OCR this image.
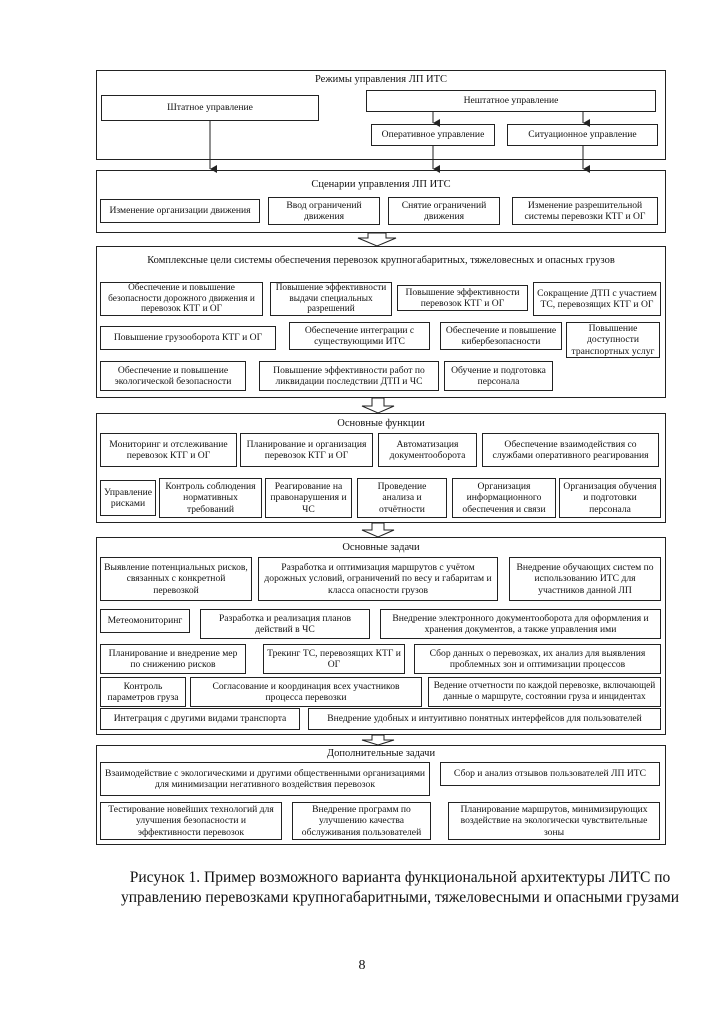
Режимы управления ЛП ИТС
Штатное управление
Нештатное управление
Оперативное управление	Ситуационное управление
Сценарии управления ЛП ИТС
Изменение организации движения
Ввод ограничений движения
Снятие ограничений движения
Изменение разрешительной системы перевозки КТГ и ОГ
Комплексные цели системы обеспечения перевозок крупногабаритных, тяжеловесных и опасных грузов
Обеспечение и повышение безопасности дорожного движения и перевозок КТГ и ОГ
Повышение эффективности выдачи специальных разрешений
Повышение эффективности перевозок КТГ и ОГ
Сокращение ДТП с участием ТС, перевозящих КТГ и ОГ
Повышение грузооборота КТГ и ОГ
Обеспечение интеграции с существующими ИТС
Обеспечение и повышение кибербезопасности
Повышение доступности транспортных услуг
Обеспечение и повышение экологической безопасности
Повышение эффективности работ по ликвидации последствии ДТП и ЧС
Обучение и подготовка персонала
Основные функции
Мониторинг и отслеживание перевозок КТГ и ОГ
Планирование и организация перевозок КТГ и ОГ
Автоматизация документооборота
Обеспечение взаимодействия со службами оперативного реагирования
Управление рисками
Контроль соблюдения нормативных требований
Реагирование на правонарушения и ЧС
Проведение анализа и отчётности
Организация информационного обеспечения и связи
Организация обучения и подготовки персонала
Основные задачи
Выявление потенциальных рисков, связанных с конкретной перевозкой
Разработка и оптимизация маршрутов с учётом дорожных условий, ограничений по весу и габаритам и класса опасности грузов
Внедрение обучающих систем по использованию ИТС для участников данной ЛП
Метеомониторинг	Разработка и реализация планов действий в ЧС
Внедрение электронного документооборота для оформления и хранения документов, а также управления ими
Планирование и внедрение мер по снижению рисков
Трекинг ТС, перевозящих КТГ и ОГ
Сбор данных о перевозках, их анализ для выявления проблемных зон и оптимизации процессов
Контроль параметров груза
Согласование и координация всех участников процесса перевозки
Ведение отчетности по каждой перевозке, включающей данные о маршруте, состоянии груза и инцидентах
Интеграция с другими видами транспорта	Внедрение удобных и интуитивно понятных интерфейсов для пользователей
Дополнительные задачи
Взаимодействие с экологическими и другими общественными организациями для минимизации негативного воздействия перевозок
Сбор и анализ отзывов пользователей ЛП ИТС
Тестирование новейших технологий для улучшения безопасности и эффективности перевозок
Внедрение программ по улучшению качества обслуживания пользователей
Планирование маршрутов, минимизирующих воздействие на экологически чувствительные зоны
Рисунок 1. Пример возможного варианта функциональной архитектуры ЛИТС по управлению перевозками крупногабаритными, тяжеловесными и опасными грузами
8
